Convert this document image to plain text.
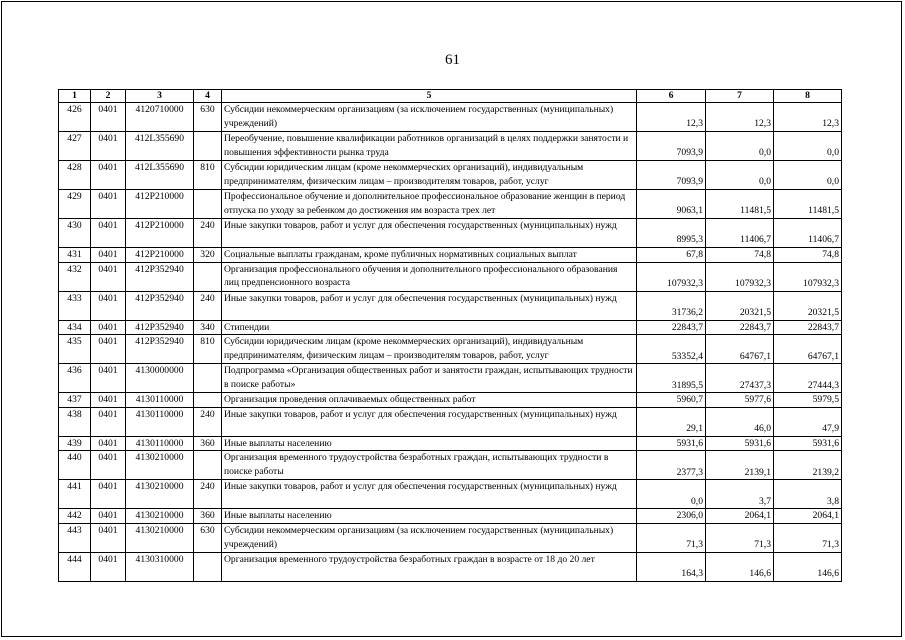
61
1	2	3	4	5	6	7	8
426	0401	4120710000	630	Субсидии некоммерческим организациям (за исключением государственных (муниципальных) учреждений)	12,3	12,3	12,3
427	0401	412L355690		Переобучение, повышение квалификации работников организаций в целях поддержки занятости и повышения эффективности рынка труда	7093,9	0,0	0,0
428	0401	412L355690	810	Субсидии юридическим лицам (кроме некоммерческих организаций), индивидуальным предпринимателям, физическим лицам – производителям товаров, работ, услуг	7093,9	0,0	0,0
429	0401	412P210000		Профессиональное обучение и дополнительное профессиональное образование женщин в период отпуска по уходу за ребенком до достижения им возраста трех лет	9063,1	11481,5	11481,5
430	0401	412P210000	240	Иные закупки товаров, работ и услуг для обеспечения государственных (муниципальных) нужд	8995,3	11406,7	11406,7
431	0401	412P210000	320	Социальные выплаты гражданам, кроме публичных нормативных социальных выплат	67,8	74,8	74,8
432	0401	412P352940		Организация профессионального обучения и дополнительного профессионального образования лиц предпенсионного возраста	107932,3	107932,3	107932,3
433	0401	412P352940	240	Иные закупки товаров, работ и услуг для обеспечения государственных (муниципальных) нужд	31736,2	20321,5	20321,5
434	0401	412P352940	340	Стипендии	22843,7	22843,7	22843,7
435	0401	412P352940	810	Субсидии юридическим лицам (кроме некоммерческих организаций), индивидуальным предпринимателям, физическим лицам – производителям товаров, работ, услуг	53352,4	64767,1	64767,1
436	0401	4130000000		Подпрограмма «Организация общественных работ и занятости граждан, испытывающих трудности в поиске работы»	31895,5	27437,3	27444,3
437	0401	4130110000		Организация проведения оплачиваемых общественных работ	5960,7	5977,6	5979,5
438	0401	4130110000	240	Иные закупки товаров, работ и услуг для обеспечения государственных (муниципальных) нужд	29,1	46,0	47,9
439	0401	4130110000	360	Иные выплаты населению	5931,6	5931,6	5931,6
440	0401	4130210000		Организация временного трудоустройства безработных граждан, испытывающих трудности в поиске работы	2377,3	2139,1	2139,2
441	0401	4130210000	240	Иные закупки товаров, работ и услуг для обеспечения государственных (муниципальных) нужд	0,0	3,7	3,8
442	0401	4130210000	360	Иные выплаты населению	2306,0	2064,1	2064,1
443	0401	4130210000	630	Субсидии некоммерческим организациям (за исключением государственных (муниципальных) учреждений)	71,3	71,3	71,3
444	0401	4130310000		Организация временного трудоустройства безработных граждан в возрасте от 18 до 20 лет	164,3	146,6	146,6
